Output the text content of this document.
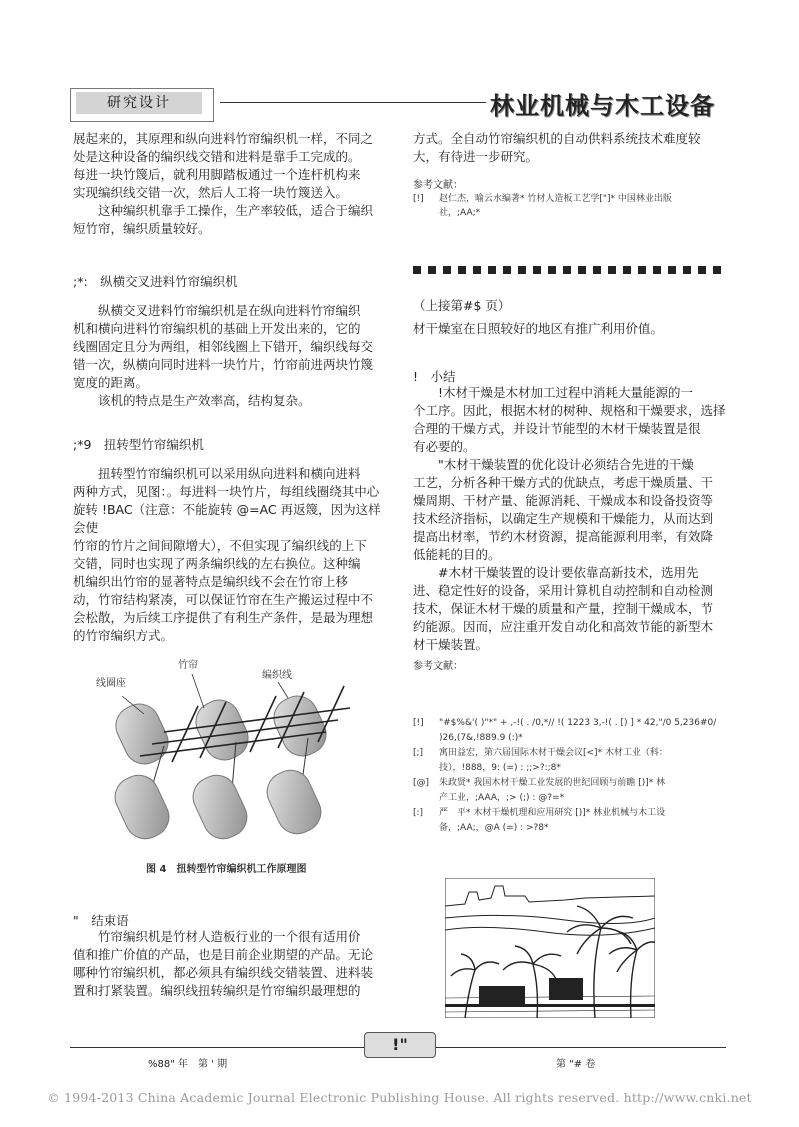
研究设计	林业机械与木工设备
展起来的，其原理和纵向进料竹帘编织机一样，不同之
处是这种设备的编织线交错和进料是靠手工完成的。
每进一块竹篾后，就利用脚踏板通过一个连杆机构来
实现编织线交错一次，然后人工将一块竹篾送入。
　　这种编织机靠手工操作，生产率较低，适合于编织
短竹帘，编织质量较好。
;*:　纵横交叉进料竹帘编织机
　　纵横交叉进料竹帘编织机是在纵向进料竹帘编织
机和横向进料竹帘编织机的基础上开发出来的，它的
线圈固定且分为两组，相邻线圈上下错开，编织线每交
错一次，纵横向同时进料一块竹片，竹帘前进两块竹篾
宽度的距离。
　　该机的特点是生产效率高，结构复杂。
;*9　扭转型竹帘编织机
　　扭转型竹帘编织机可以采用纵向进料和横向进料
两种方式，见图：。每进料一块竹片，每组线圈绕其中心
旋转 !BAC（注意：不能旋转 @=AC 再返篾，因为这样会使
竹帘的竹片之间间隙增大），不但实现了编织线的上下
交错，同时也实现了两条编织线的左右换位。这种编
机编织出竹帘的显著特点是编织线不会在竹帘上移
动，竹帘结构紧凑，可以保证竹帘在生产搬运过程中不
会松散，为后续工序提供了有利生产条件，是最为理想
的竹帘编织方式。
线圈座
竹帘
编织线
图 4　扭转型竹帘编织机工作原理图
"　结束语
　　竹帘编织机是竹材人造板行业的一个很有适用价
值和推广价值的产品，也是目前企业期望的产品。无论
哪种竹帘编织机，都必须具有编织线交错装置、进料装
置和打紧装置。编织线扭转编织是竹帘编织最理想的
方式。全自动竹帘编织机的自动供料系统技术难度较
大，有待进一步研究。
参考文献：
[!] 赵仁杰，喻云水编著* 竹材人造板工艺学["]* 中国林业出版
社，;AA;*
（上接第#$ 页）
材干燥室在日照较好的地区有推广利用价值。
!　小结
　　!木材干燥是木材加工过程中消耗大量能源的一
个工序。因此，根据木材的树种、规格和干燥要求，选择
合理的干燥方式，并设计节能型的木材干燥装置是很
有必要的。
　　"木材干燥装置的优化设计必须结合先进的干燥
工艺，分析各种干燥方式的优缺点，考虑干燥质量、干
燥周期、干材产量、能源消耗、干燥成本和设备投资等
技术经济指标，以确定生产规模和干燥能力，从而达到
提高出材率，节约木材资源，提高能源利用率，有效降
低能耗的目的。
　　#木材干燥装置的设计要依靠高新技术，选用先
进、稳定性好的设备，采用计算机自动控制和自动检测
技术，保证木材干燥的质量和产量，控制干燥成本，节
约能源。因而，应注重开发自动化和高效节能的新型木
材干燥装置。
参考文献：
[!] "#$%&'( )"*" + ,-!( . /0,*// !( 1223 3,-!( . [) ] * 42,"/0 5,236#0/
)26,(7&,!889.9 (:)*
[;] 寓田益宏，第六届国际木材干燥会议[<]* 木材工业（科：
技），!888，9: (=) : ;;>?:;8*
[@] 朱政贤* 我国木材干燥工业发展的世纪回顾与前瞻 [)]* 林
产工业，;AAA，;> (;) : @?=*
[:] 严　平* 木材干燥机理和应用研究 [)]* 林业机械与木工设
备，;AA;，@A (=) : >?8*
!"
%88" 年　第 ' 期	第 "# 卷
© 1994-2013 China Academic Journal Electronic Publishing House. All rights reserved. http://www.cnki.net
